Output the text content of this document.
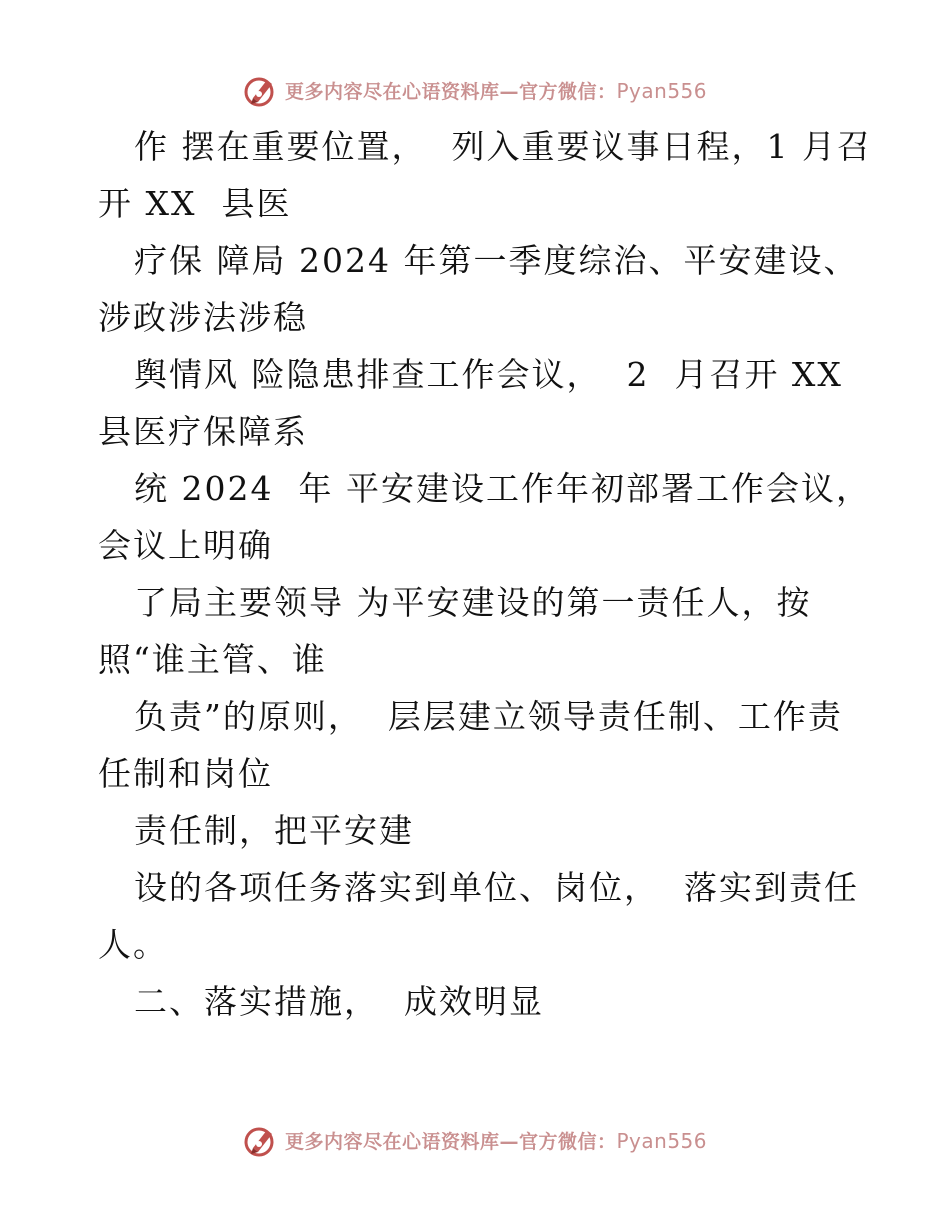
更多内容尽在心语资料库—官方微信：Pyan556
作 摆在重要位置，  列入重要议事日程，1 月召
开 XX  县医
疗保 障局 2024 年第一季度综治、平安建设、
涉政涉法涉稳
舆情风 险隐患排查工作会议，  2  月召开 XX
县医疗保障系
统 2024  年 平安建设工作年初部署工作会议，
会议上明确
了局主要领导 为平安建设的第一责任人，按
照“谁主管、谁
负责”的原则，  层层建立领导责任制、工作责
任制和岗位
责任制，把平安建
设的各项任务落实到单位、岗位，  落实到责任
人。
二、落实措施，  成效明显
更多内容尽在心语资料库—官方微信：Pyan556
